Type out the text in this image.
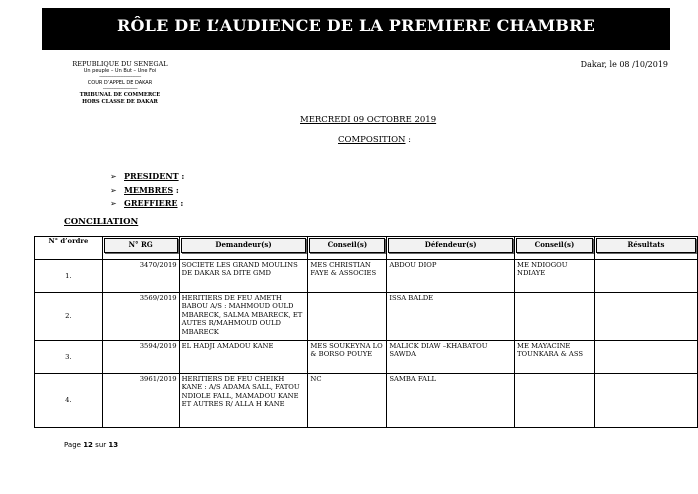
RÔLE DE L’AUDIENCE DE LA PREMIERE CHAMBRE
REPUBLIQUE DU SENEGAL
Un peuple – Un But – Une Foi
-----------------------------------
COUR D’APPEL DE DAKAR
-----------------------------
TRIBUNAL DE COMMERCE
HORS CLASSE DE DAKAR
Dakar, le 08 /10/2019
MERCREDI 09 OCTOBRE 2019
COMPOSITION :
➢ PRESIDENT :
➢ MEMBRES :
➢ GREFFIERE :
CONCILIATION
N° d’ordre	N° RG	Demandeur(s)	Conseil(s)	Défendeur(s)	Conseil(s)	Résultats

1.	3470/2019	SOCIETE LES GRAND MOULINS DE DAKAR SA DITE GMD	MES CHRISTIAN FAYE & ASSOCIES	ABDOU DIOP	ME NDIOGOU NDIAYE	
2.	3569/2019	HERITIERS DE FEU AMETH BABOU A/S : MAHMOUD OULD MBARECK, SALMA MBARECK, ET AUTES R/MAHMOUD OULD MBARECK		ISSA BALDE		
3.	3594/2019	EL HADJI AMADOU KANE	MES SOUKEYNA LO & BORSO POUYE	MALICK DIAW –KHABATOU SAWDA	ME MAYACINE TOUNKARA & ASS	
4.	3961/2019	HERITIERS DE FEU CHEIKH KANE : A/S ADAMA SALL, FATOU NDIOLE FALL, MAMADOU KANE ET AUTRES R/ ALLA H KANE	NC	SAMBA FALL		
Page 12 sur 13
